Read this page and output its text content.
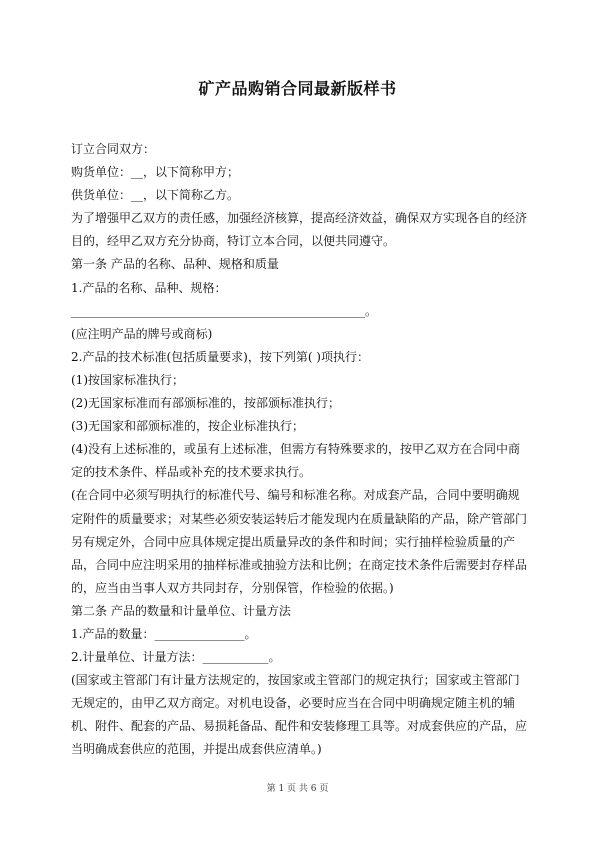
矿产品购销合同最新版样书

订立合同双方：

购货单位：__，以下简称甲方；

供货单位：__，以下简称乙方。

为了增强甲乙双方的责任感，加强经济核算，提高经济效益，确保双方实现各自的经济目的，经甲乙双方充分协商，特订立本合同，以便共同遵守。

第一条 产品的名称、品种、规格和质量

1.产品的名称、品种、规格：

_________________________________________________。

(应注明产品的牌号或商标)

2.产品的技术标准(包括质量要求)，按下列第( )项执行：

(1)按国家标准执行；

(2)无国家标准而有部颁标准的，按部颁标准执行；

(3)无国家和部颁标准的，按企业标准执行；

(4)没有上述标准的，或虽有上述标准，但需方有特殊要求的，按甲乙双方在合同中商定的技术条件、样品或补充的技术要求执行。

(在合同中必须写明执行的标准代号、编号和标准名称。对成套产品，合同中要明确规定附件的质量要求；对某些必须安装运转后才能发现内在质量缺陷的产品，除产管部门另有规定外，合同中应具体规定提出质量异改的条件和时间；实行抽样检验质量的产品，合同中应注明采用的抽样标准或抽验方法和比例；在商定技术条件后需要封存样品的，应当由当事人双方共同封存，分别保管，作检验的依据。)

第二条 产品的数量和计量单位、计量方法

1.产品的数量：_______________。

2.计量单位、计量方法：___________。

(国家或主管部门有计量方法规定的，按国家或主管部门的规定执行；国家或主管部门无规定的，由甲乙双方商定。对机电设备，必要时应当在合同中明确规定随主机的辅机、附件、配套的产品、易损耗备品、配件和安装修理工具等。对成套供应的产品，应当明确成套供应的范围，并提出成套供应清单。)

第 1 页 共 6 页
